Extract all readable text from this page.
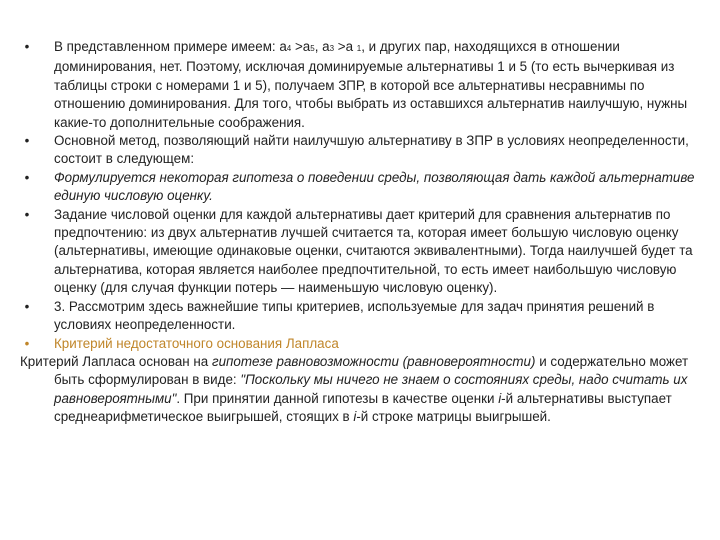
•	В представленном примере имеем: а4 >а5, а3 >а 1, и других пар, находящихся в отношении доминирования, нет. Поэтому, исключая доминируемые альтернативы 1 и 5 (то есть вычеркивая из таблицы строки с номерами 1 и 5), получаем ЗПР, в которой все альтернативы несравнимы по отношению доминирования. Для того, чтобы выбрать из оставшихся альтернатив наилучшую, нужны какие-то дополнительные соображения.
•	Основной метод, позволяющий найти наилучшую альтернативу в ЗПР в условиях неопределенности, состоит в следующем:
•	Формулируется некоторая гипотеза о поведении среды, позволяющая дать каждой альтернативе единую числовую оценку.
•	Задание числовой оценки для каждой альтернативы дает критерий для сравнения альтернатив по предпочтению: из двух альтернатив лучшей считается та, которая имеет большую числовую оценку (альтернативы, имеющие одинаковые оценки, считаются эквивалентными). Тогда наилучшей будет та альтернатива, которая является наиболее предпочтительной, то есть имеет наибольшую числовую оценку (для случая функции потерь — наименьшую числовую оценку).
•	3. Рассмотрим здесь важнейшие типы критериев, используемые для задач принятия решений в условиях неопределенности.
•	Критерий недостаточного основания Лапласа
Критерий Лапласа основан на гипотезе равновозможности (равновероятности) и содержательно может быть сформулирован в виде: "Поскольку мы ничего не знаем о состояниях среды, надо считать их равновероятными". При принятии данной гипотезы в качестве оценки i-й альтернативы выступает среднеарифметическое выигрышей, стоящих в i-й строке матрицы выигрышей.
